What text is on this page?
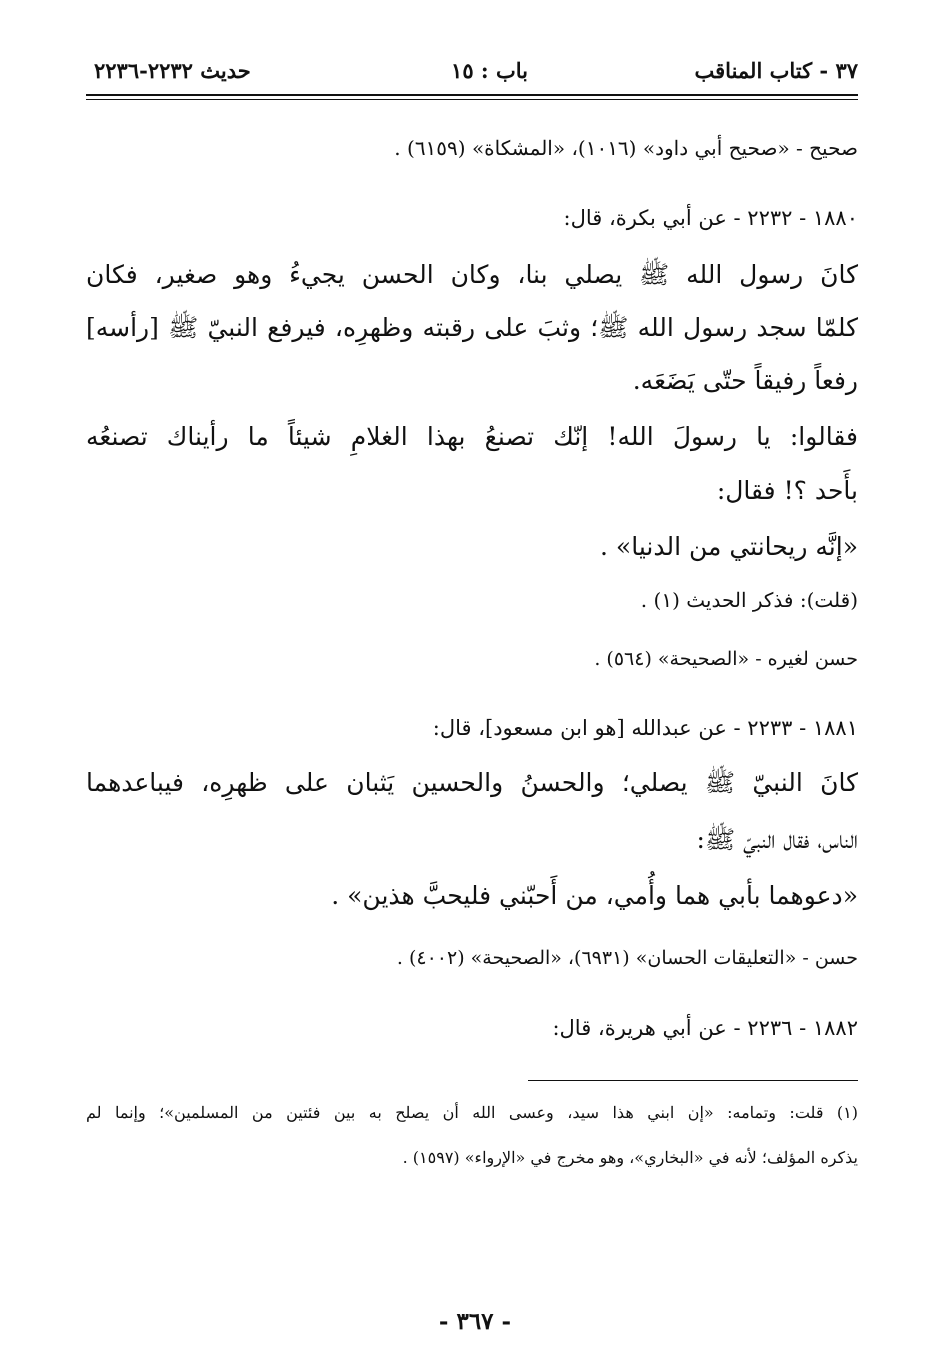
٣٧ - كتاب المناقب
باب : ١٥
حديث ٢٢٣٢-٢٢٣٦
صحيح - «صحيح أبي داود» (١٠١٦)، «المشكاة» (٦١٥٩) .
١٨٨٠ - ٢٢٣٢ - عن أبي بكرة، قال:
كانَ رسول الله ﷺ يصلي بنا، وكان الحسن يجيءُ وهو صغير، فكان
كلمّا سجد رسول الله ﷺ؛ وثبَ على رقبته وظهرِه، فيرفع النبيّ ﷺ [رأسه]
رفعاً رفيقاً حتّى يَضَعَه.
فقالوا: يا رسولَ الله! إنّك تصنعُ بهذا الغلامِ شيئاً ما رأيناك تصنعُه
بأَحد ؟! فقال:
«إنَّه ريحانتي من الدنيا» .
(قلت): فذكر الحديث (١) .
حسن لغيره - «الصحيحة» (٥٦٤) .
١٨٨١ - ٢٢٣٣ - عن عبدالله [هو ابن مسعود]، قال:
كانَ النبيّ ﷺ يصلي؛ والحسنُ والحسين يَثبان على ظهرِه، فيباعدهما
الناس، فقال النبيّ ﷺ:
«دعوهما بأبي هما وأُمي، من أَحبّني فليحبَّ هذين» .
حسن - «التعليقات الحسان» (٦٩٣١)، «الصحيحة» (٤٠٠٢) .
١٨٨٢ - ٢٢٣٦ - عن أبي هريرة، قال:
(١) قلت: وتمامه: «إن ابني هذا سيد، وعسى الله أن يصلح به بين فئتين من المسلمين»؛ وإنما لم
يذكره المؤلف؛ لأنه في «البخاري»، وهو مخرج في «الإرواء» (١٥٩٧) .
- ٣٦٧ -
